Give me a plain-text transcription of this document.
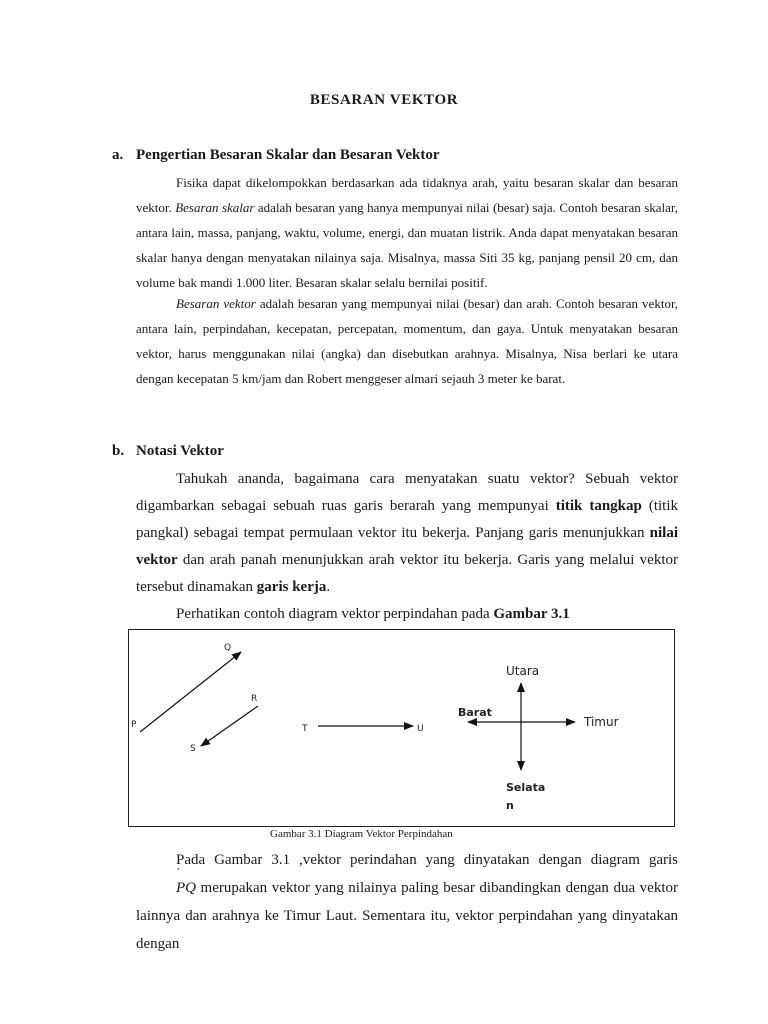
BESARAN VEKTOR
a. Pengertian Besaran Skalar dan Besaran Vektor

Fisika dapat dikelompokkan berdasarkan ada tidaknya arah, yaitu besaran skalar dan besaran vektor. Besaran skalar adalah besaran yang hanya mempunyai nilai (besar) saja. Contoh besaran skalar, antara lain, massa, panjang, waktu, volume, energi, dan muatan listrik. Anda dapat menyatakan besaran skalar hanya dengan menyatakan nilainya saja. Misalnya, massa Siti 35 kg, panjang pensil 20 cm, dan volume bak mandi 1.000 liter. Besaran skalar selalu bernilai positif.

Besaran vektor adalah besaran yang mempunyai nilai (besar) dan arah. Contoh besaran vektor, antara lain, perpindahan, kecepatan, percepatan, momentum, dan gaya. Untuk menyatakan besaran vektor, harus menggunakan nilai (angka) dan disebutkan arahnya. Misalnya, Nisa berlari ke utara dengan kecepatan 5 km/jam dan Robert menggeser almari sejauh 3 meter ke barat.

b. Notasi Vektor

Tahukah ananda, bagaimana cara menyatakan suatu vektor? Sebuah vektor digambarkan sebagai sebuah ruas garis berarah yang mempunyai titik tangkap (titik pangkal) sebagai tempat permulaan vektor itu bekerja. Panjang garis menunjukkan nilai vektor dan arah panah menunjukkan arah vektor itu bekerja. Garis yang melalui vektor tersebut dinamakan garis kerja.

Perhatikan contoh diagram vektor perpindahan pada Gambar 3.1

P
Q
R
S
T	U
Utara
Barat
Timur
Selata
n
Gambar 3.1 Diagram Vektor Perpindahan

Pada Gambar 3.1 ,vektor perindahan yang dinyatakan dengan diagram garis
′
PQ merupakan vektor yang nilainya paling besar dibandingkan dengan dua vektor lainnya dan arahnya ke Timur Laut. Sementara itu, vektor perpindahan yang dinyatakan dengan
